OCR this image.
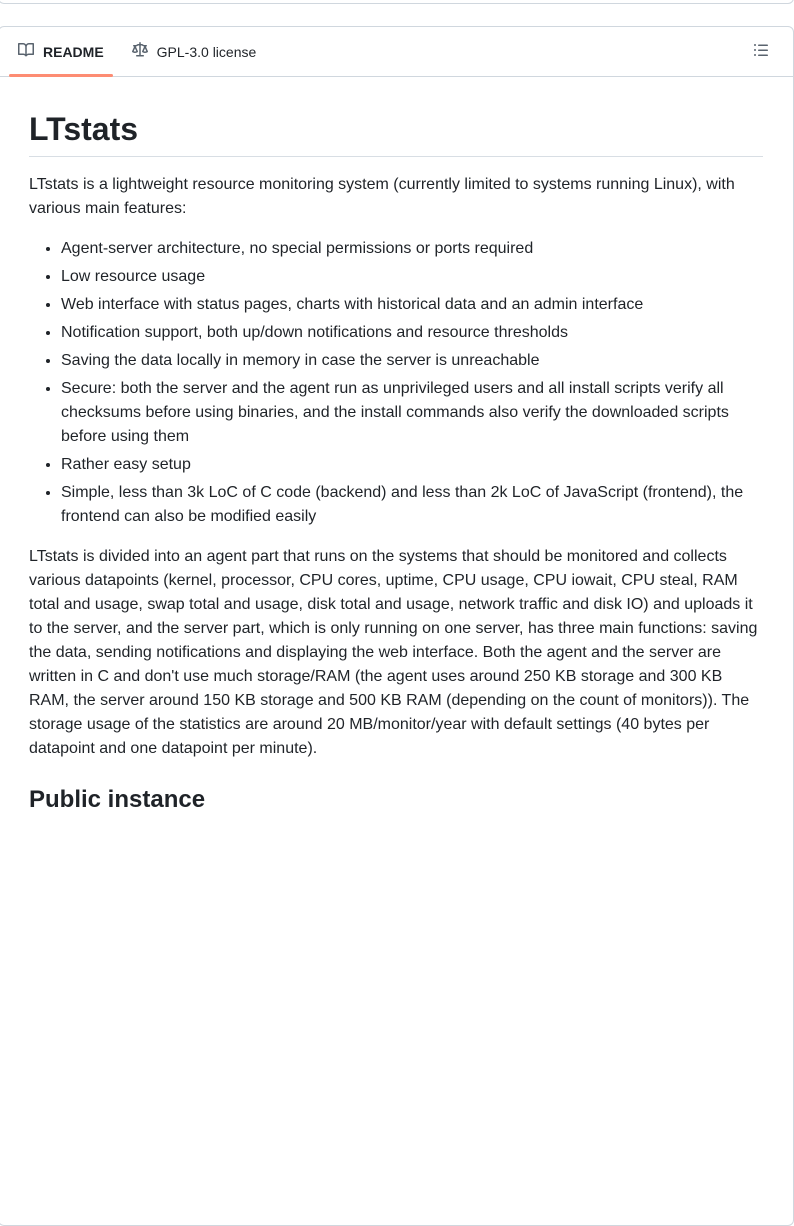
README	GPL-3.0 license
LTstats

LTstats is a lightweight resource monitoring system (currently limited to systems running Linux), with various main features:

• Agent-server architecture, no special permissions or ports required
• Low resource usage
• Web interface with status pages, charts with historical data and an admin interface
• Notification support, both up/down notifications and resource thresholds
• Saving the data locally in memory in case the server is unreachable
• Secure: both the server and the agent run as unprivileged users and all install scripts verify all checksums before using binaries, and the install commands also verify the downloaded scripts before using them
• Rather easy setup
• Simple, less than 3k LoC of C code (backend) and less than 2k LoC of JavaScript (frontend), the frontend can also be modified easily

LTstats is divided into an agent part that runs on the systems that should be monitored and collects various datapoints (kernel, processor, CPU cores, uptime, CPU usage, CPU iowait, CPU steal, RAM total and usage, swap total and usage, disk total and usage, network traffic and disk IO) and uploads it to the server, and the server part, which is only running on one server, has three main functions: saving the data, sending notifications and displaying the web interface. Both the agent and the server are written in C and don't use much storage/RAM (the agent uses around 250 KB storage and 300 KB RAM, the server around 150 KB storage and 500 KB RAM (depending on the count of monitors)). The storage usage of the statistics are around 20 MB/monitor/year with default settings (40 bytes per datapoint and one datapoint per minute).

Public instance
